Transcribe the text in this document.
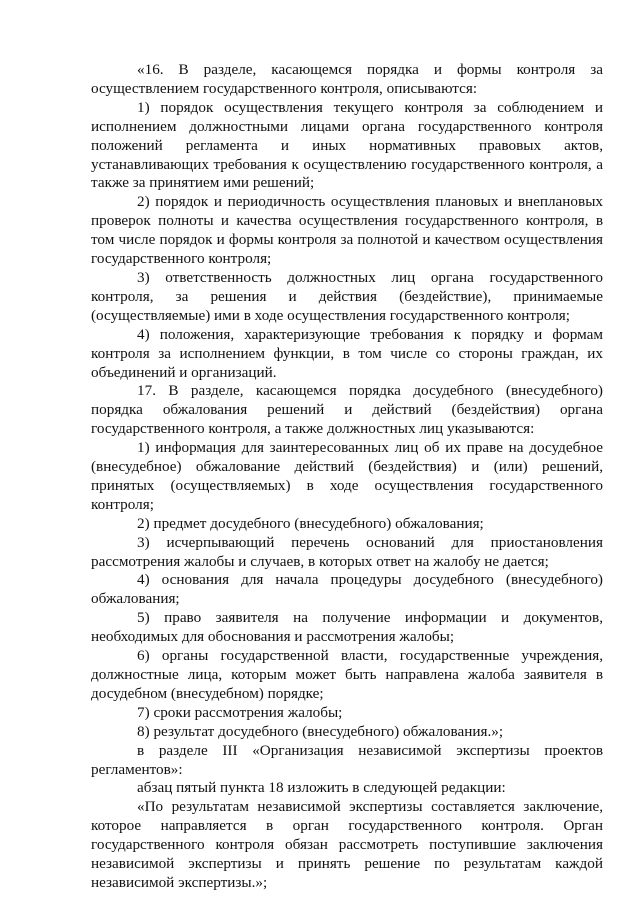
«16. В разделе, касающемся порядка и формы контроля за осуществлением государственного контроля, описываются:

1) порядок осуществления текущего контроля за соблюдением и исполнением должностными лицами органа государственного контроля положений регламента и иных нормативных правовых актов, устанавливающих требования к осуществлению государственного контроля, а также за принятием ими решений;

2) порядок и периодичность осуществления плановых и внеплановых проверок полноты и качества осуществления государственного контроля, в том числе порядок и формы контроля за полнотой и качеством осуществления государственного контроля;

3) ответственность должностных лиц органа государственного контроля, за решения и действия (бездействие), принимаемые (осуществляемые) ими в ходе осуществления государственного контроля;

4) положения, характеризующие требования к порядку и формам контроля за исполнением функции, в том числе со стороны граждан, их объединений и организаций.

17. В разделе, касающемся порядка досудебного (внесудебного) порядка обжалования решений и действий (бездействия) органа государственного контроля, а также должностных лиц указываются:

1) информация для заинтересованных лиц об их праве на досудебное (внесудебное) обжалование действий (бездействия) и (или) решений, принятых (осуществляемых) в ходе осуществления государственного контроля;

2) предмет досудебного (внесудебного) обжалования;

3) исчерпывающий перечень оснований для приостановления рассмотрения жалобы и случаев, в которых ответ на жалобу не дается;

4) основания для начала процедуры досудебного (внесудебного) обжалования;

5) право заявителя на получение информации и документов, необходимых для обоснования и рассмотрения жалобы;

6) органы государственной власти, государственные учреждения, должностные лица, которым может быть направлена жалоба заявителя в досудебном (внесудебном) порядке;

7) сроки рассмотрения жалобы;

8) результат досудебного (внесудебного) обжалования.»;

в разделе III «Организация независимой экспертизы проектов регламентов»:

абзац пятый пункта 18 изложить в следующей редакции:

«По результатам независимой экспертизы составляется заключение, которое направляется в орган государственного контроля. Орган государственного контроля обязан рассмотреть поступившие заключения независимой экспертизы и принять решение по результатам каждой независимой экспертизы.»;
